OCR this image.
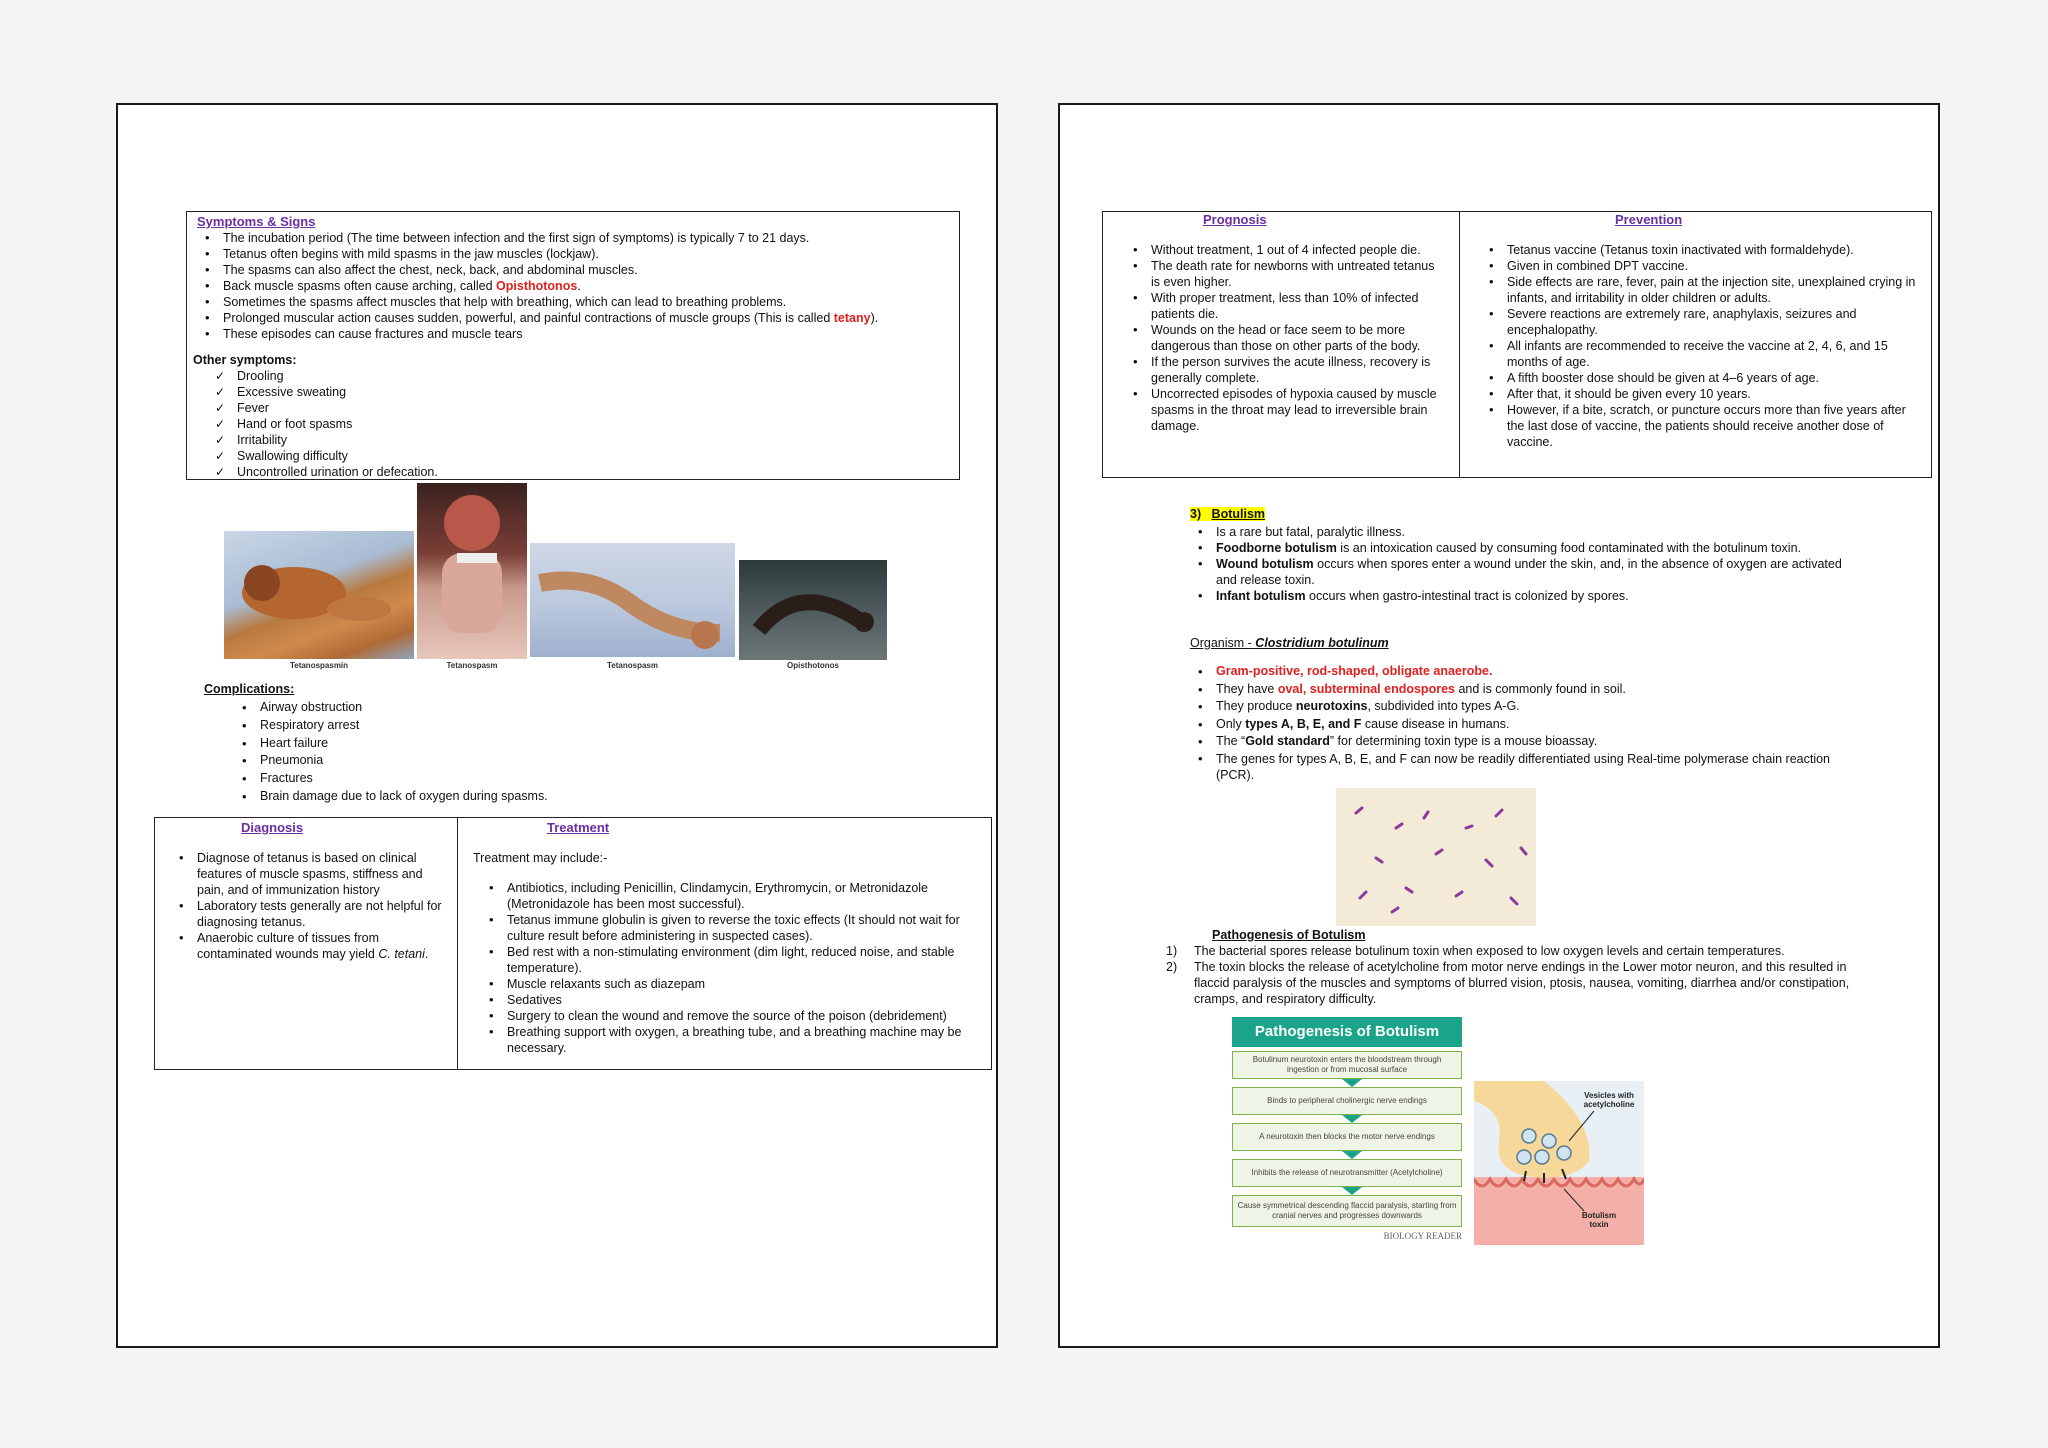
Symptoms & Signs
• The incubation period (The time between infection and the first sign of symptoms) is typically 7 to 21 days.
• Tetanus often begins with mild spasms in the jaw muscles (lockjaw).
• The spasms can also affect the chest, neck, back, and abdominal muscles.
• Back muscle spasms often cause arching, called Opisthotonos.
• Sometimes the spasms affect muscles that help with breathing, which can lead to breathing problems.
• Prolonged muscular action causes sudden, powerful, and painful contractions of muscle groups (This is called tetany).
• These episodes can cause fractures and muscle tears
Other symptoms:
✓ Drooling
✓ Excessive sweating
✓ Fever
✓ Hand or foot spasms
✓ Irritability
✓ Swallowing difficulty
✓ Uncontrolled urination or defecation.
Tetanospasmin	Tetanospasm	Tetanospasm	Opisthotonos
Complications:
• Airway obstruction
• Respiratory arrest
• Heart failure
• Pneumonia
• Fractures
• Brain damage due to lack of oxygen during spasms.
Diagnosis
• Diagnose of tetanus is based on clinical features of muscle spasms, stiffness and pain, and of immunization history
• Laboratory tests generally are not helpful for diagnosing tetanus.
• Anaerobic culture of tissues from contaminated wounds may yield C. tetani.
Treatment
Treatment may include:-
• Antibiotics, including Penicillin, Clindamycin, Erythromycin, or Metronidazole (Metronidazole has been most successful).
• Tetanus immune globulin is given to reverse the toxic effects (It should not wait for culture result before administering in suspected cases).
• Bed rest with a non-stimulating environment (dim light, reduced noise, and stable temperature).
• Muscle relaxants such as diazepam
• Sedatives
• Surgery to clean the wound and remove the source of the poison (debridement)
• Breathing support with oxygen, a breathing tube, and a breathing machine may be necessary.
Prognosis
• Without treatment, 1 out of 4 infected people die.
• The death rate for newborns with untreated tetanus is even higher.
• With proper treatment, less than 10% of infected patients die.
• Wounds on the head or face seem to be more dangerous than those on other parts of the body.
• If the person survives the acute illness, recovery is generally complete.
• Uncorrected episodes of hypoxia caused by muscle spasms in the throat may lead to irreversible brain damage.
Prevention
• Tetanus vaccine (Tetanus toxin inactivated with formaldehyde).
• Given in combined DPT vaccine.
• Side effects are rare, fever, pain at the injection site, unexplained crying in infants, and irritability in older children or adults.
• Severe reactions are extremely rare, anaphylaxis, seizures and encephalopathy.
• All infants are recommended to receive the vaccine at 2, 4, 6, and 15 months of age.
• A fifth booster dose should be given at 4–6 years of age.
• After that, it should be given every 10 years.
• However, if a bite, scratch, or puncture occurs more than five years after the last dose of vaccine, the patients should receive another dose of vaccine.
3) Botulism
• Is a rare but fatal, paralytic illness.
• Foodborne botulism is an intoxication caused by consuming food contaminated with the botulinum toxin.
• Wound botulism occurs when spores enter a wound under the skin, and, in the absence of oxygen are activated and release toxin.
• Infant botulism occurs when gastro-intestinal tract is colonized by spores.
Organism - Clostridium botulinum
• Gram-positive, rod-shaped, obligate anaerobe.
• They have oval, subterminal endospores and is commonly found in soil.
• They produce neurotoxins, subdivided into types A-G.
• Only types A, B, E, and F cause disease in humans.
• The “Gold standard” for determining toxin type is a mouse bioassay.
• The genes for types A, B, E, and F can now be readily differentiated using Real-time polymerase chain reaction (PCR).
Pathogenesis of Botulism
1) The bacterial spores release botulinum toxin when exposed to low oxygen levels and certain temperatures.
2) The toxin blocks the release of acetylcholine from motor nerve endings in the Lower motor neuron, and this resulted in flaccid paralysis of the muscles and symptoms of blurred vision, ptosis, nausea, vomiting, diarrhea and/or constipation, cramps, and respiratory difficulty.
Pathogenesis of Botulism
Botulinum neurotoxin enters the bloodstream through ingestion or from mucosal surface
Binds to peripheral cholinergic nerve endings
A neurotoxin then blocks the motor nerve endings
Inhibits the release of neurotransmitter (Acetylcholine)
Cause symmetrical descending flaccid paralysis, starting from cranial nerves and progresses downwards
BIOLOGY READER
Vesicles with acetylcholine
Botulism toxin
